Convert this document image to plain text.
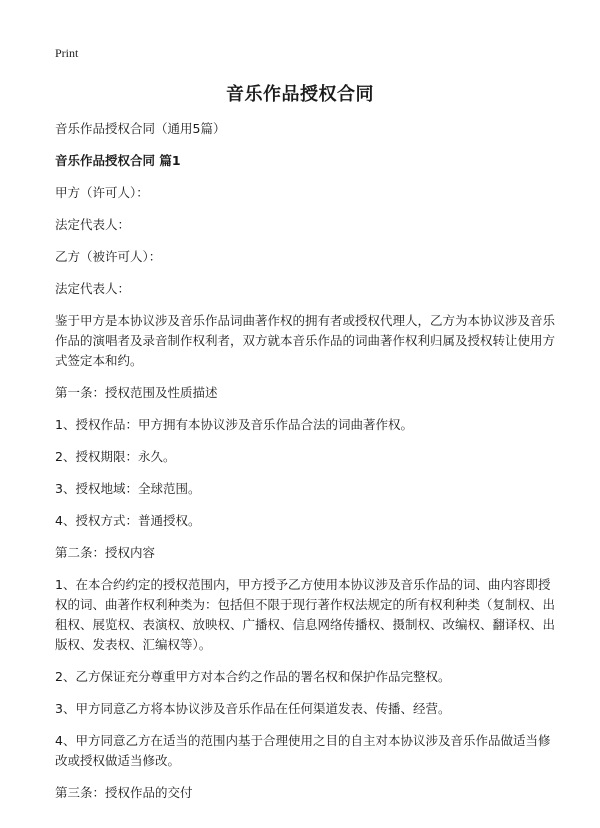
Print
音乐作品授权合同

音乐作品授权合同（通用5篇）

音乐作品授权合同 篇1

甲方（许可人）：

法定代表人：

乙方（被许可人）：

法定代表人：

鉴于甲方是本协议涉及音乐作品词曲著作权的拥有者或授权代理人，乙方为本协议涉及音乐作品的演唱者及录音制作权利者，双方就本音乐作品的词曲著作权利归属及授权转让使用方式签定本和约。

第一条：授权范围及性质描述

1、授权作品：甲方拥有本协议涉及音乐作品合法的词曲著作权。

2、授权期限：永久。

3、授权地域：全球范围。

4、授权方式：普通授权。

第二条：授权内容

1、在本合约约定的授权范围内，甲方授予乙方使用本协议涉及音乐作品的词、曲内容即授权的词、曲著作权利种类为：包括但不限于现行著作权法规定的所有权利种类（复制权、出租权、展览权、表演权、放映权、广播权、信息网络传播权、摄制权、改编权、翻译权、出版权、发表权、汇编权等）。

2、乙方保证充分尊重甲方对本合约之作品的署名权和保护作品完整权。

3、甲方同意乙方将本协议涉及音乐作品在任何渠道发表、传播、经营。

4、甲方同意乙方在适当的范围内基于合理使用之目的自主对本协议涉及音乐作品做适当修改或授权做适当修改。

第三条：授权作品的交付
